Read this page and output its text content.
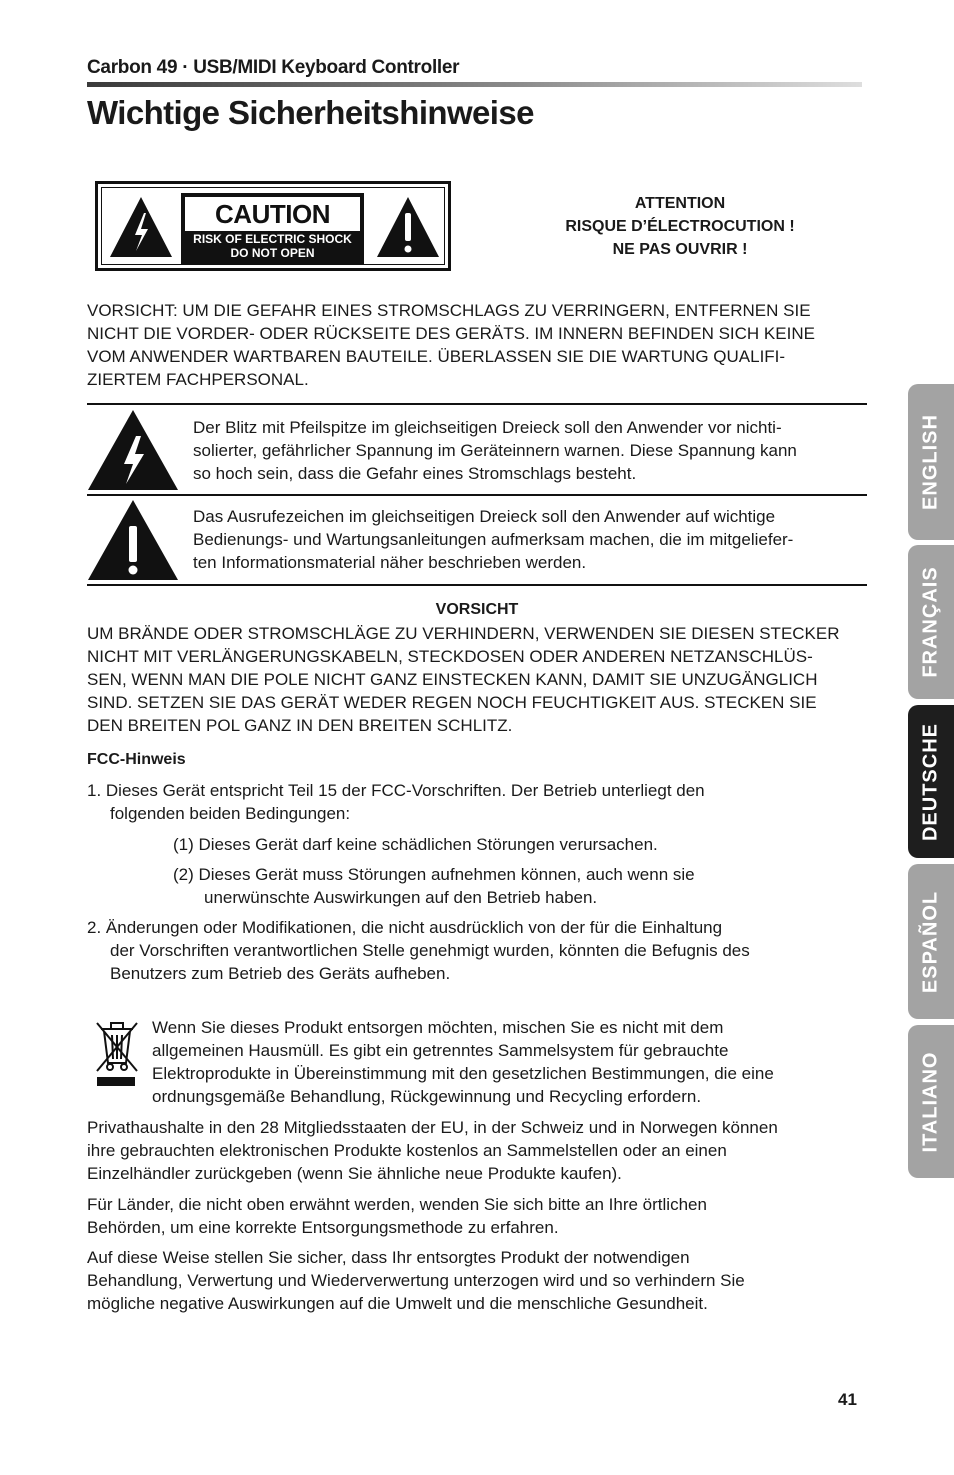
Carbon 49 · USB/MIDI Keyboard Controller
Wichtige Sicherheitshinweise
CAUTION
RISK OF ELECTRIC SHOCK
DO NOT OPEN
ATTENTION
RISQUE D’ÉLECTROCUTION !
NE PAS OUVRIR !
VORSICHT: UM DIE GEFAHR EINES STROMSCHLAGS ZU VERRINGERN, ENTFERNEN SIE
NICHT DIE VORDER- ODER RÜCKSEITE DES GERÄTS. IM INNERN BEFINDEN SICH KEINE
VOM ANWENDER WARTBAREN BAUTEILE. ÜBERLASSEN SIE DIE WARTUNG QUALIFI-
ZIERTEM FACHPERSONAL.
Der Blitz mit Pfeilspitze im gleichseitigen Dreieck soll den Anwender vor nichti-
solierter, gefährlicher Spannung im Geräteinnern warnen. Diese Spannung kann
so hoch sein, dass die Gefahr eines Stromschlags besteht.
Das Ausrufezeichen im gleichseitigen Dreieck soll den Anwender auf wichtige
Bedienungs- und Wartungsanleitungen aufmerksam machen, die im mitgeliefer-
ten Informationsmaterial näher beschrieben werden.
VORSICHT
UM BRÄNDE ODER STROMSCHLÄGE ZU VERHINDERN, VERWENDEN SIE DIESEN STECKER
NICHT MIT VERLÄNGERUNGSKABELN, STECKDOSEN ODER ANDEREN NETZANSCHLÜS-
SEN, WENN MAN DIE POLE NICHT GANZ EINSTECKEN KANN, DAMIT SIE UNZUGÄNGLICH
SIND. SETZEN SIE DAS GERÄT WEDER REGEN NOCH FEUCHTIGKEIT AUS. STECKEN SIE
DEN BREITEN POL GANZ IN DEN BREITEN SCHLITZ.
FCC-Hinweis
1. Dieses Gerät entspricht Teil 15 der FCC-Vorschriften. Der Betrieb unterliegt den
folgenden beiden Bedingungen:
(1) Dieses Gerät darf keine schädlichen Störungen verursachen.
(2) Dieses Gerät muss Störungen aufnehmen können, auch wenn sie
unerwünschte Auswirkungen auf den Betrieb haben.
2. Änderungen oder Modifikationen, die nicht ausdrücklich von der für die Einhaltung
der Vorschriften verantwortlichen Stelle genehmigt wurden, könnten die Befugnis des
Benutzers zum Betrieb des Geräts aufheben.
Wenn Sie dieses Produkt entsorgen möchten, mischen Sie es nicht mit dem
allgemeinen Hausmüll. Es gibt ein getrenntes Sammelsystem für gebrauchte
Elektroprodukte in Übereinstimmung mit den gesetzlichen Bestimmungen, die eine
ordnungsgemäße Behandlung, Rückgewinnung und Recycling erfordern.
Privathaushalte in den 28 Mitgliedsstaaten der EU, in der Schweiz und in Norwegen können
ihre gebrauchten elektronischen Produkte kostenlos an Sammelstellen oder an einen
Einzelhändler zurückgeben (wenn Sie ähnliche neue Produkte kaufen).
Für Länder, die nicht oben erwähnt werden, wenden Sie sich bitte an Ihre örtlichen
Behörden, um eine korrekte Entsorgungsmethode zu erfahren.
Auf diese Weise stellen Sie sicher, dass Ihr entsorgtes Produkt der notwendigen
Behandlung, Verwertung und Wiederverwertung unterzogen wird und so verhindern Sie
mögliche negative Auswirkungen auf die Umwelt und die menschliche Gesundheit.
ENGLISH
FRANÇAIS
DEUTSCHE
ESPAÑOL
ITALIANO
41
